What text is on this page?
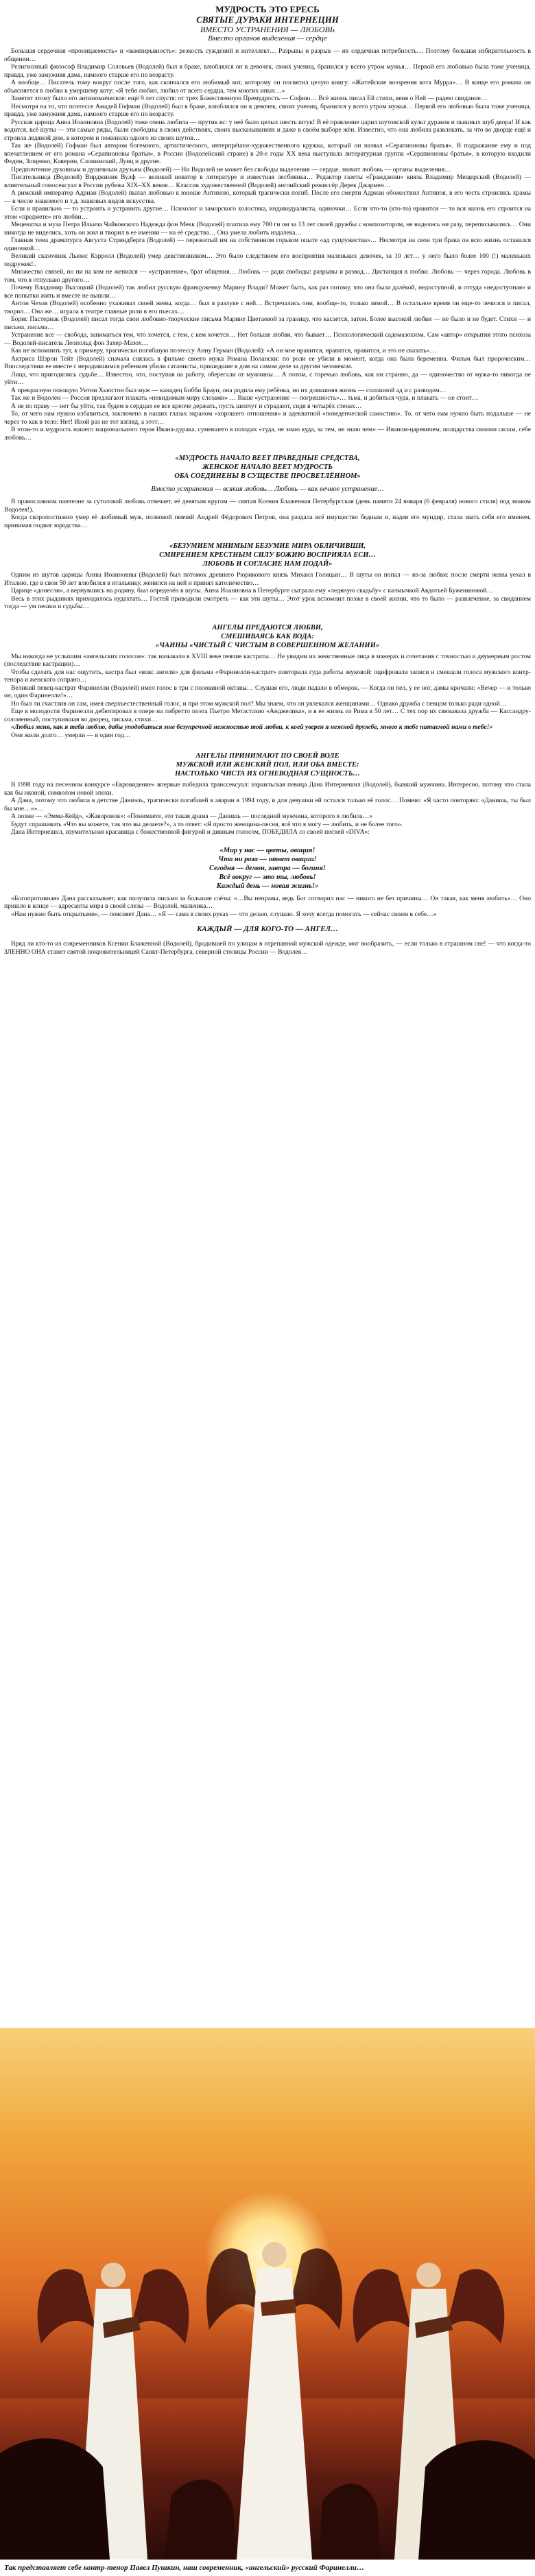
МУДРОСТЬ ЭТО ЕРЕСЬ
СВЯТЫЕ ДУРАКИ ИНТЕРНЕЦИИ
ВМЕСТО УСТРАНЕНИЯ — ЛЮБОВЬ
Вместо органов выделения — сердце

Большая сердечная «проницаемость» и «вампиръвность»: резкость суждений и интеллект… Разрывы и разрыв — их сердечная потребность… Поэтому большая избирательность в общении…

Религиозный философ Владимир Соловьев (Водолей) был в браке, влюблялся он в девочек, своих учениц, бранился у всего утром мужья… Первой его любовью была тоже ученица, правда, уже замужняя дама, намного старше его по возрасту.

А вообще… Писатель тому вокруг после того, как скончался его любимый кот, которому он посвятил целую книгу: «Житейские воззрения кота Мурра»… В конце его романа он объясняется в любви к умершему коту: «Я тебя любил, любил от всего сердца, тем многих иных…»

Заметят этому было его антиномическое: ещё 9 лет спустя: от трех Божественную Премудрость — Софию… Всё жизнь писал Ей стихи, веня о Ней — радею свидание…

Несмотря на то, что поэтессе Амадей Гофман (Водолей) был в браке, влюблялся он в девочек, своих учениц, бранился у всего утром мужья… Первой его любовью была тоже ученица, правда, уже замужняя дама, намного старше его по возрасту.

Русская царица Анна Иоанновна (Водолей) тоже очень любила — прутик вс: у неё было целых шесть штук! В её правление царил шутовской культ дураков и пышных шуб двора! И как водится, всё шуты — эти самые ряды, были свободны в своих действиях, своих высказываниях и даже в своём выборе жён. Известно, что она любила развлекать, за что во дворце ещё и строила ледяной дом, в котором и поженила одного из своих шутов…

Так же (Водолей) Гофман был автором богемного, артистического, интерпрétator-художественного кружка, который он назвал «Серапионовы братья». В подражание ему и под впечатлением от его романа «Серапионовы братья», в России (Водолейский стране) в 20-е годы XX века выступала литературная группа «Серапионовы братья», в которую входили Федин, Зощенко, Каверин, Слонимский, Лунц и другие.

Предпочтение духовным и душевным друзьям (Водолей) — Ни Водолей не может без свободы выделения — сердце, значит любовь — органы выделения…

Писательница (Водолей) Вирджиния Вулф — великий новатор в литературе и известная лесбиянка… Редактор газеты «Гражданин» князь Владимир Мещерский (Водолей) — влиятельный гомосексуал в России рубежа XIX–XX веков… Классик художественной (Водолей) английский режиссёр Дерек Джармен…

А римский император Адриан (Водолей) пылал любовью к юноше Антиною, который трагически погиб. После его смерти Адриан обожествил Антиноя, в его честь строились храмы — в числе знакомого и т.д. знаковых видов искусства.

Если и правильно — то устроить и устранить другие… Психолог и заморского холостяка, индивидуалиста, одиночки… Если что-то (кто-то) нравится — то вся жизнь его строится на этом «предмете» его любви…

Меценатка и муза Петра Ильича Чайковского Надежда фон Мекк (Водолей) платила ему 700 гн ом за 13 лет своей дружбы с композитором, не виделись ни разу, переписывались… Они никогда не виделись, хоть он жил и творил в ее имении — на её средства… Она умела любить издалека…

Главная тема драматурга Августа Стриндберга (Водолей) — пережитый им на собственном горьком опыте «ад супружества»… Несмотря на свои три брака он всю жизнь оставался одиночкой…

Великий сказочник Льюис Кэрролл (Водолей) умер девственником… Это было следствием его восприятия маленьких девочек, за 10 лет… у него было более 100 (!) маленьких подружек!..

Множество связей, но ни на ком не женился — «устранение», брат общения… Любовь — ради свободы: разрывы и развод… Дистанция в любви. Любовь — через города. Любовь в том, что я отпускаю другого…

Почему Владимир Высоцкий (Водолей) так любил русскую француженку Марину Влади? Может быть, как раз потому, что она была далёкой, недоступной, и оттуда «недоступная» и все попытки жить и вместе не вышли…

Антон Чехов (Водолей) особенно ухаживал своей жены, когда… был в разлуке с ней… Встречались они, вообще-то, только зимой… В остальное время он еще-то лечился и писал, творил… Она же… играла в театре главные роли в его пьесах…

Борис Пастернак (Водолей) писал тогда свои любовно-творческие письма Марине Цветаевой за границу, что касается, затем. Более высокой любви — не было и не будет. Стихи — и письма, письма…

Устранение все — свобода, заниматься тем, что хочется, с тем, с кем хочется… Нет больше любви, что бывает… Психологический садомазохизм. Сам «автор» открытия этого психоза — Водолей-писатель Леопольд фон Захер-Мазох…

Как не вспомнить тут, к примеру, трагически погибшую поэтессу Анну Герман (Водолей): «А он мне нравится, нравится, нравится, и это не сказать»…

Актриса Шэрон Тейт (Водолей) сначала снялась в фильме своего мужа Романа Полански: по роли ее убили в момент, когда она была беременна. Фильм был пророческим… Впоследствии ее вместе с неродившимся ребенком убили сатанисты, пришедшие в дом на самом деле за другим человеком.

Лица, что пригодились судьбе… Известно, что, поступая на работу, оберегали от мужчины… А потом, с горечью любовь, как ни странно, да — одиночество от мужа-то никогда не уйти…

А прекрасную поющую Уитни Хьюстон был муж — канадец Бобби Браун, она родила ему ребёнка, но их домашняя жизнь — сплошной ад и с разводом…

Так же и Водолеи — Россия предлагают плакать «невидимым миру слезами» … Ваше «устранение — погрешность»… тьма, и добиться чуда, и плакать — не стоит…

А не по праву — нет бы уйти, так будем в сердцах ее все крепче держать, пусть шепчут и страдают, сидя в четырёх стенах…

То, от чего нам нужно избавиться, заключено в наших глазах экраном «хорошего отношения» и адекватной «поведенческой самостию». То, от чего нам нужно быть подальше — не через то как в тело: Нет! Иной раз не тот взгляд, а этот…

В этом-то и мудрость нашего национального героя Ивана-дурака, сумевшего в походах «туда, не знаю куда, за тем, не знаю чем» — Иваном-царевичем, полцарства своими силам, себе любовь…

«МУДРОСТЬ НАЧАЛО ВЕЕТ ПРАВЕДНЫЕ СРЕДСТВА,
ЖЕНСКОЕ НАЧАЛО ВЕЕТ МУДРОСТЬ
ОБА СОЕДИНЕНЫ В СУЩЕСТВЕ ПРОСВЕТЛЁННОМ»
Вместо устранения — всякая любовь… Любовь — как вечное устранение…

В православном пантеоне за сутолокой любовь отвечает, её девятым кругом — святая Ксения Блаженная Петербургская (день памяти 24 января (6 февраля) нового стиля) под знаком Водолея!).

Когда скоропостижно умер её любимый муж, полковой певчий Андрей Фёдорович Петров, она раздала всё имущество бедным и, надев его мундир, стала звать себя его именем, принимая подвиг юродства…

«БЕЗУМИЕМ МНИМЫМ БЕЗУМИЕ МИРА ОБЛИЧИВШИ,
СМИРЕНИЕМ КРЕСТНЫМ СИЛУ БОЖИЮ ВОСПРИЯЛА ЕСИ…
ЛЮБОВЬ И СОГЛАСИЕ НАМ ПОДАЙ»

Одним из шутов царицы Анны Иоанновны (Водолей) был потомок древнего Рюрикового князь Михаил Голицын… В шуты он попал — из-за любви: после смерти жены уехал в Италию, где в свои 50 лет влюбился в итальянку, женился на ней и принял католичество…

Царице «донесли», а вернувшись на родину, был определён в шуты. Анна Иоанновна в Петербурге сыграла ему «ледяную свадьбу» с калмычкой Авдотьей Бужениновой…

Весь в этих рыданиях приходилось кудахтать… Гостей приводили смотреть — как эти шуты… Этот урок вспомнил позже в своей жизни, что то было — развлечение, за свиданием тогда — ум пешки и судьбы…

АНГЕЛЫ ПРЕДАЮТСЯ ЛЮБВИ,
СМЕШИВАЯСЬ КАК ВОДА:
«ЧАИНЫ «ЧИСТЫЙ С ЧИСТЫМ В СОВЕРШЕННОМ ЖЕЛАНИИ»

Мы никогда не услышим «ангельских голосов»: так называли в XVIII веке певчие кастраты… Не увидим их женственные лица в манерах и сочетания с точностью и двумерным ростом (последствие кастрации)…

Чтобы сделать для нас ощутить, кастра был «вокс ангели» для фильма «Фаринелли-кастрат» повторила гуда работы звуковой: оцифровали записи и смешали голоса мужского контр-тенора и женского сопрано…

Великий певец-кастрат Фаринелли (Водолей) имел голос в три с половиной октавы… Слушая его, люди падали в обморок, — Когда он пел, у ее ног, дамы кричали: «Вечер — и только он, один Фаринелли!»…

Но был ли счастлив он сам, имея сверхъестественный голос, и при этом мужской пол? Мы знаем, что он увлекался женщинами… Однако дружба с певцом только ради одной…

Еще в молодости Фаринелли дебютировал в опере на либретто поэта Пьетро Метастазио «Анджелика», и в ее жизнь из Рима в 50 лет… С тех пор их связывала дружба — Кассандру-соломенный, поступившая во дворец, письма, стихи…

«Любил меня, как я тебя люблю, дабы уподобиться мне безупречной нежностью той любви, к коей уверен я нежной дружбе, много к тебе питаемой нами в тебе!»

Они жили долго… умерли — в один год…

АНГЕЛЫ ПРИНИМАЮТ ПО СВОЕЙ ВОЛЕ
МУЖСКОЙ ИЛИ ЖЕНСКИЙ ПОЛ, ИЛИ ОБА ВМЕСТЕ:
НАСТОЛЬКО ЧИСТА ИХ ОГНЕВОДНАЯ СУЩНОСТЬ…

В 1998 году на песенном конкурсе «Евровидение» впервые победила транссексуал: израильская певица Дана Интернешнл (Водолей), бывший мужчина. Интересно, потому что стала как бы иконой, символом новой эпохи.

А Дана, потому что любила в детстве Даниэль, трагически погибшей в аварии в 1994 году, и для девушки ей остался только её голос… Помню: «Я часто повторяю: «Данишь, ты был бы мне…»»…

А позже — «Эмма-Кейд», «Жаворонок»: «Понимаете, это такая драма — Данишь — последний мужчина, которого я любила…»

Будут спрашивать «Что вы можете, так что вы делаете?», а то ответ: «Я просто женщина-песня, всё что я могу — любить, и не более того».

Дана Интернешнл, изумительная красавица с божественной фигурой и дивным голосом, ПОБЕДИЛА со своей песней «DIVA»:

«Мир у нас — цветы, овация!
Что ни роза — ответ овации!
Сегодня — демон, завтра — богиня!
Всё вокруг — это ты, любовь!
Каждый день — новая жизнь!»

«Богопротивная» Дана рассказывает, как получила письмо за большие слёзы: «…Вы неправы, ведь Бог сотворил нас — никого не без причины… Он такая, как меня любить»… Оно пришло в конце — адресанты мира в своей слезы — Водолей, мальчика…

«Нам нужно быть открытыми», — поясняет Дана… «Я — сама в своих руках — что делаю, слушаю. Я хочу всегда помогать — сейчас своим в себе…»

КАЖДЫЙ — ДЛЯ КОГО-ТО — АНГЕЛ…

Вряд ли кто-то из современников Ксении Блаженной (Водолей), бродившей по улицам в отрепанной мужской одежде, мог вообразить, — если только в страшном сне! — что когда-то ЗЛЕННО ОНА станет святой покровительницей Санкт-Петербурга, северной столицы России — Водолея…

Так представляет себе контр-тенор Павел Пушкин, наш современник, «ангельский» русский Фаринелли…
